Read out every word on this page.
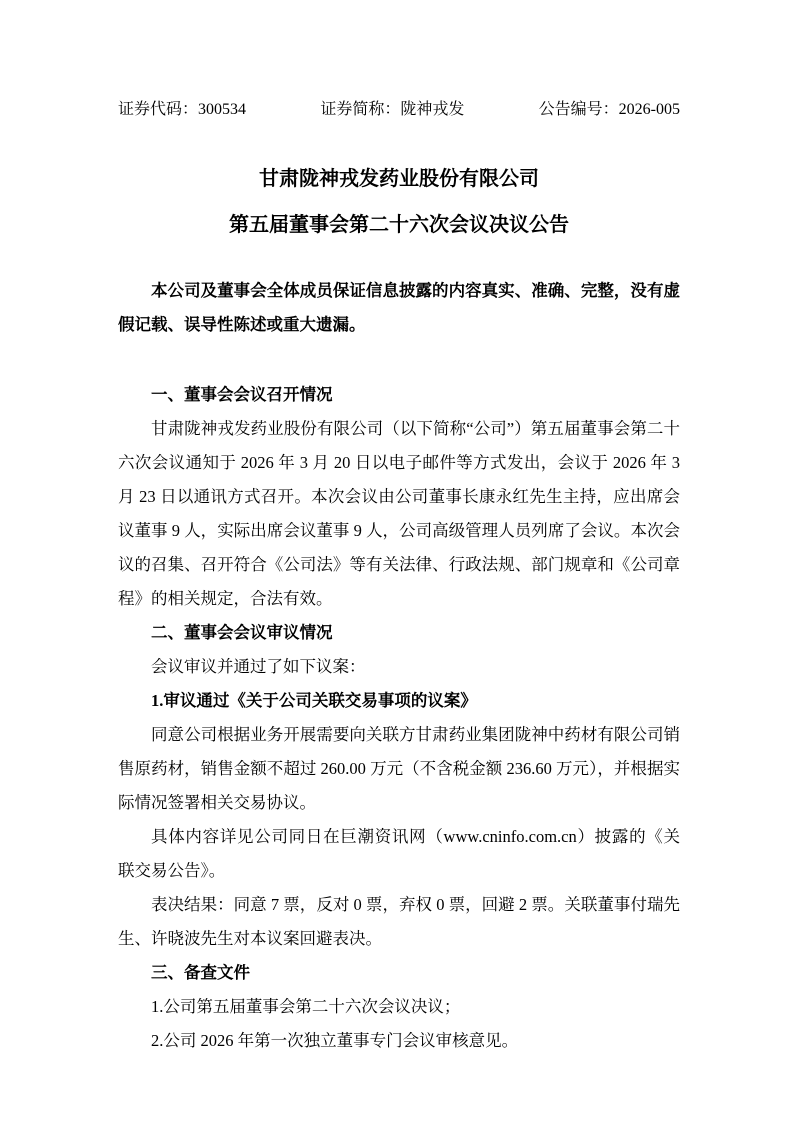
证券代码：300534	证券简称：陇神戎发	公告编号：2026-005
甘肃陇神戎发药业股份有限公司
第五届董事会第二十六次会议决议公告

本公司及董事会全体成员保证信息披露的内容真实、准确、完整，没有虚假记载、误导性陈述或重大遗漏。

一、董事会会议召开情况

甘肃陇神戎发药业股份有限公司（以下简称“公司”）第五届董事会第二十六次会议通知于 2026 年 3 月 20 日以电子邮件等方式发出，会议于 2026 年 3 月 23 日以通讯方式召开。本次会议由公司董事长康永红先生主持，应出席会议董事 9 人，实际出席会议董事 9 人，公司高级管理人员列席了会议。本次会议的召集、召开符合《公司法》等有关法律、行政法规、部门规章和《公司章程》的相关规定，合法有效。

二、董事会会议审议情况

会议审议并通过了如下议案：

1.审议通过《关于公司关联交易事项的议案》

同意公司根据业务开展需要向关联方甘肃药业集团陇神中药材有限公司销售原药材，销售金额不超过 260.00 万元（不含税金额 236.60 万元），并根据实际情况签署相关交易协议。

具体内容详见公司同日在巨潮资讯网（www.cninfo.com.cn）披露的《关联交易公告》。

表决结果：同意 7 票，反对 0 票，弃权 0 票，回避 2 票。关联董事付瑞先生、许晓波先生对本议案回避表决。

三、备查文件

1.公司第五届董事会第二十六次会议决议；

2.公司 2026 年第一次独立董事专门会议审核意见。
